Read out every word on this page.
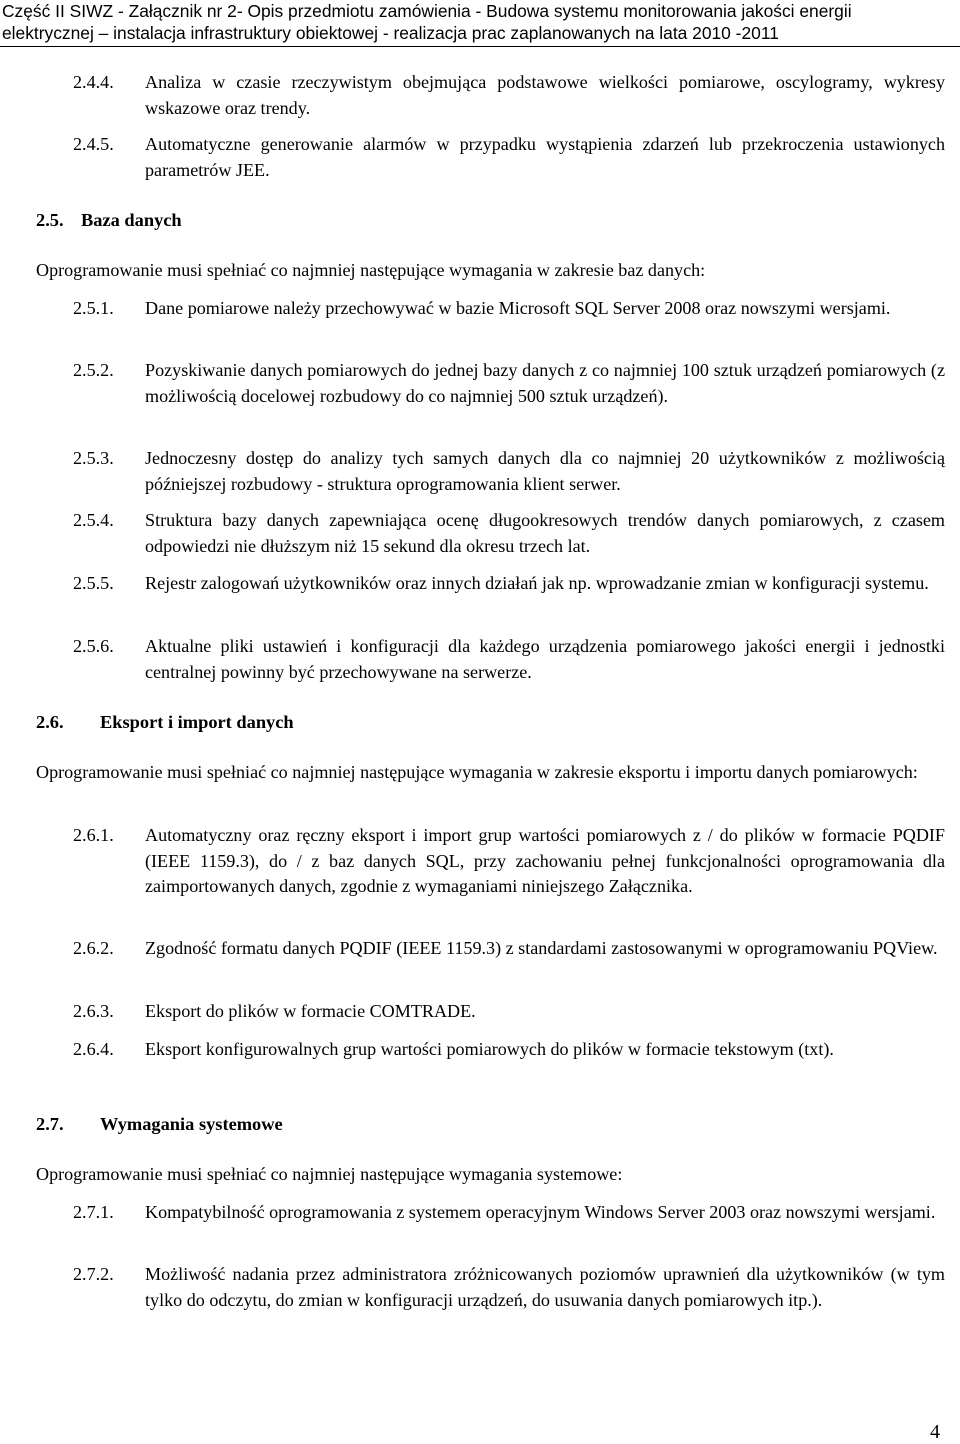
Część II SIWZ - Załącznik nr 2- Opis przedmiotu zamówienia - Budowa systemu monitorowania jakości energii
elektrycznej – instalacja infrastruktury obiektowej - realizacja prac zaplanowanych na lata 2010 -2011
2.4.4. Analiza w czasie rzeczywistym obejmująca podstawowe wielkości pomiarowe, oscylogramy, wykresy wskazowe oraz trendy.
2.4.5. Automatyczne generowanie alarmów w przypadku wystąpienia zdarzeń lub przekroczenia ustawionych parametrów JEE.
2.5. Baza danych
Oprogramowanie musi spełniać co najmniej następujące wymagania w zakresie baz danych:
2.5.1. Dane pomiarowe należy przechowywać w bazie Microsoft SQL Server 2008 oraz nowszymi wersjami.
2.5.2. Pozyskiwanie danych pomiarowych do jednej bazy danych z co najmniej 100 sztuk urządzeń pomiarowych (z możliwością docelowej rozbudowy do co najmniej 500 sztuk urządzeń).
2.5.3. Jednoczesny dostęp do analizy tych samych danych dla co najmniej 20 użytkowników z możliwością późniejszej rozbudowy - struktura oprogramowania klient serwer.
2.5.4. Struktura bazy danych zapewniająca ocenę długookresowych trendów danych pomiarowych, z czasem odpowiedzi nie dłuższym niż 15 sekund dla okresu trzech lat.
2.5.5. Rejestr zalogowań użytkowników oraz innych działań jak np. wprowadzanie zmian w konfiguracji systemu.
2.5.6. Aktualne pliki ustawień i konfiguracji dla każdego urządzenia pomiarowego jakości energii i jednostki centralnej powinny być przechowywane na serwerze.
2.6. Eksport i import danych
Oprogramowanie musi spełniać co najmniej następujące wymagania w zakresie eksportu i importu danych pomiarowych:
2.6.1. Automatyczny oraz ręczny eksport i import grup wartości pomiarowych z / do plików w formacie PQDIF (IEEE 1159.3), do / z baz danych SQL, przy zachowaniu pełnej funkcjonalności oprogramowania dla zaimportowanych danych, zgodnie z wymaganiami niniejszego Załącznika.
2.6.2. Zgodność formatu danych PQDIF (IEEE 1159.3) z standardami zastosowanymi w oprogramowaniu PQView.
2.6.3. Eksport do plików w formacie COMTRADE.
2.6.4. Eksport konfigurowalnych grup wartości pomiarowych do plików w formacie tekstowym (txt).
2.7. Wymagania systemowe
Oprogramowanie musi spełniać co najmniej następujące wymagania systemowe:
2.7.1. Kompatybilność oprogramowania z systemem operacyjnym Windows Server 2003 oraz nowszymi wersjami.
2.7.2. Możliwość nadania przez administratora zróżnicowanych poziomów uprawnień dla użytkowników (w tym tylko do odczytu, do zmian w konfiguracji urządzeń, do usuwania danych pomiarowych itp.).
4
